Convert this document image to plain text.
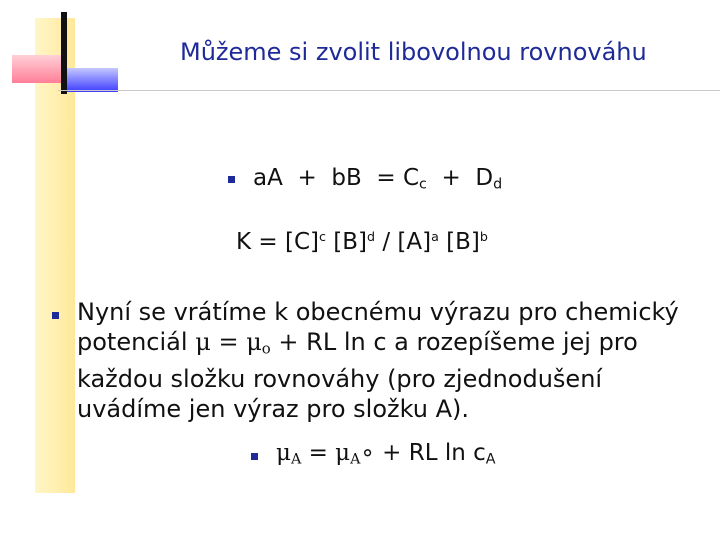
Můžeme si zvolit libovolnou rovnováhu
aA + bB = $C_c + D_d$
$K = [C]^c$ $[B]^d / [A]^a$ $[B]^b$
Nyní se vrátíme k obecnému výrazu pro chemický
potenciál $\mu = \mu_o$ + RL ln c a rozepíšeme jej pro
každou složku rovnováhy (pro zjednodušení
uvádíme jen výraz pro složku A).
$\mu_A$ = $\mu_A\circ$ + RL $\ln c_A$
